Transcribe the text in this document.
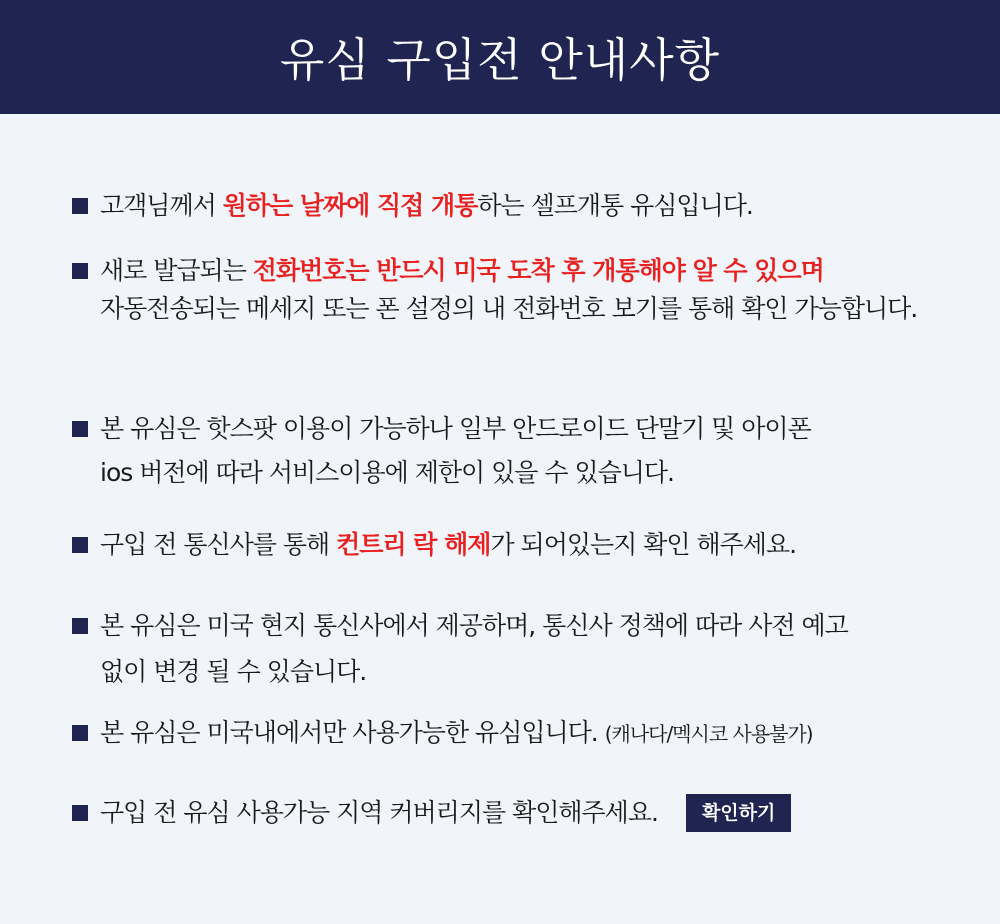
유심 구입전 안내사항
고객님께서 원하는 날짜에 직접 개통하는 셀프개통 유심입니다.
새로 발급되는 전화번호는 반드시 미국 도착 후 개통해야 알 수 있으며
자동전송되는 메세지 또는 폰 설정의 내 전화번호 보기를 통해 확인 가능합니다.
본 유심은 핫스팟 이용이 가능하나 일부 안드로이드 단말기 및 아이폰
ios 버전에 따라 서비스이용에 제한이 있을 수 있습니다.
구입 전 통신사를 통해 컨트리 락 해제가 되어있는지 확인 해주세요.
본 유심은 미국 현지 통신사에서 제공하며, 통신사 정책에 따라 사전 예고
없이 변경 될 수 있습니다.
본 유심은 미국내에서만 사용가능한 유심입니다. (캐나다/멕시코 사용불가)
구입 전 유심 사용가능 지역 커버리지를 확인해주세요. 확인하기
